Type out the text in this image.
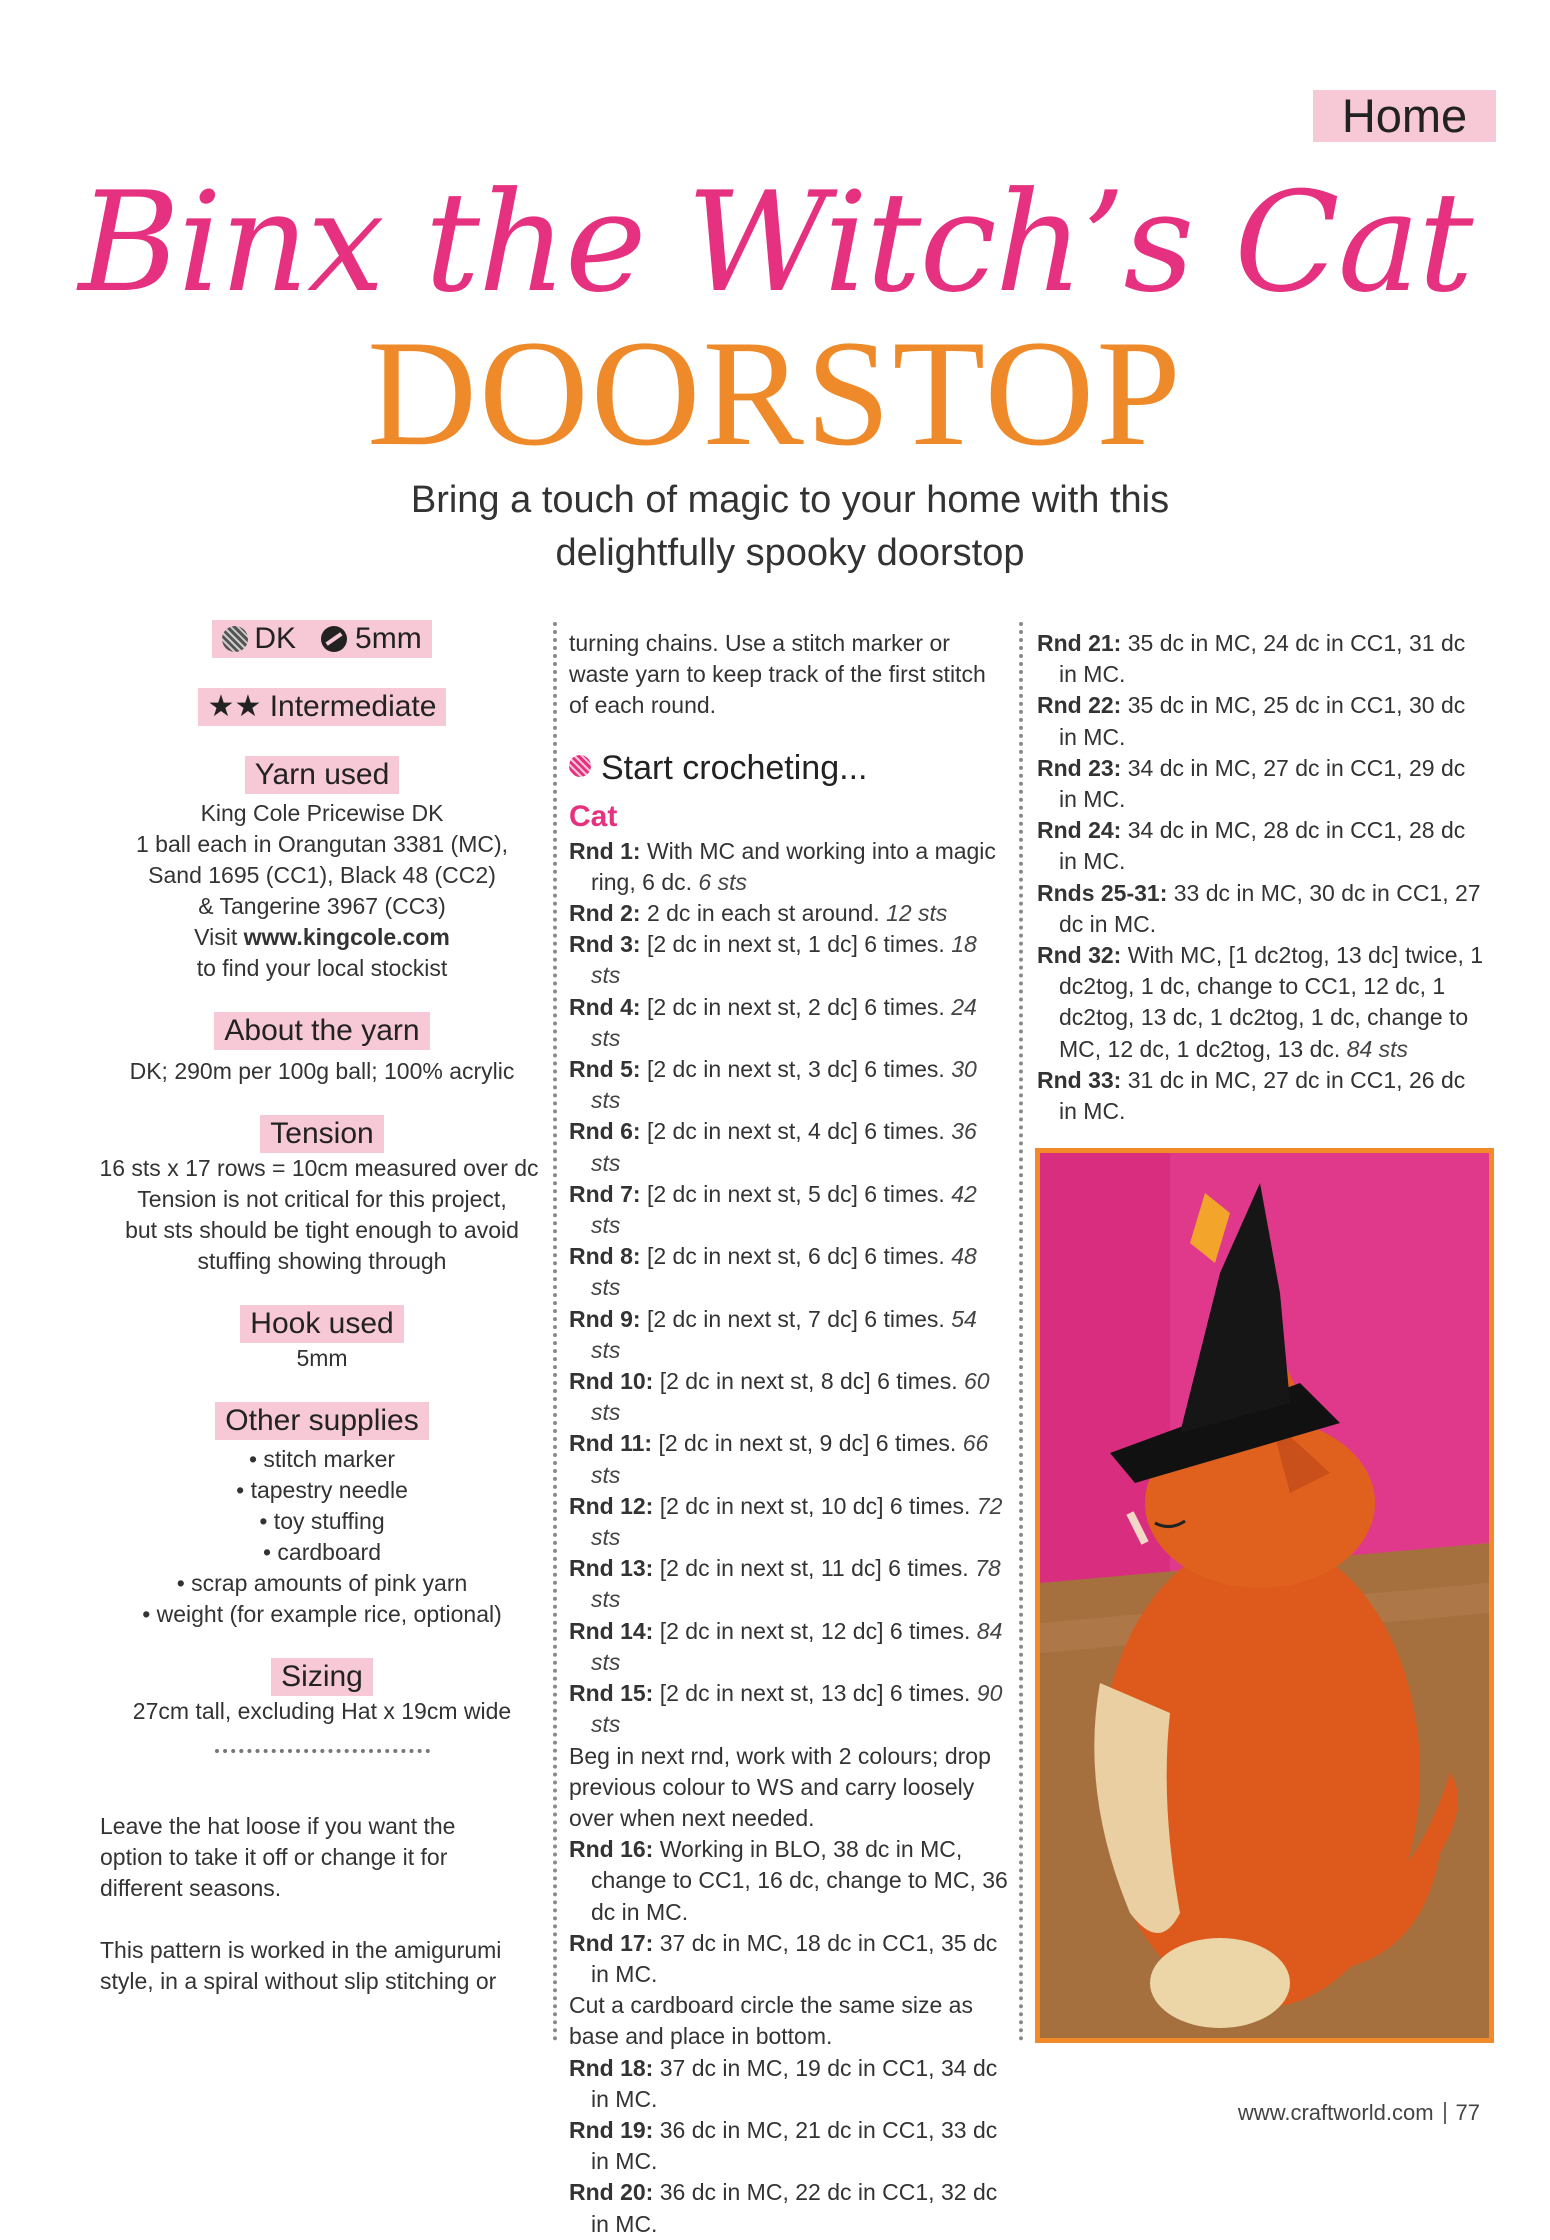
Home
Binx the Witch’s Cat
DOORSTOP
Bring a touch of magic to your home with this
delightfully spooky doorstop
DK 5mm
★★ Intermediate
Yarn used
King Cole Pricewise DK
1 ball each in Orangutan 3381 (MC),
Sand 1695 (CC1), Black 48 (CC2)
& Tangerine 3967 (CC3)
Visit www.kingcole.com
to find your local stockist
About the yarn
DK; 290m per 100g ball; 100% acrylic
Tension
16 sts x 17 rows = 10cm measured over dc
Tension is not critical for this project,
but sts should be tight enough to avoid
stuffing showing through
Hook used
5mm
Other supplies
• stitch marker
• tapestry needle
• toy stuffing
• cardboard
• scrap amounts of pink yarn
• weight (for example rice, optional)
Sizing
27cm tall, excluding Hat x 19cm wide
Leave the hat loose if you want the option to take it off or change it for different seasons.
This pattern is worked in the amigurumi style, in a spiral without slip stitching or
turning chains. Use a stitch marker or waste yarn to keep track of the first stitch of each round.
Start crocheting...
Cat
Rnd 1: With MC and working into a magic ring, 6 dc. 6 sts
Rnd 2: 2 dc in each st around. 12 sts
Rnd 3: [2 dc in next st, 1 dc] 6 times. 18 sts
Rnd 4: [2 dc in next st, 2 dc] 6 times. 24 sts
Rnd 5: [2 dc in next st, 3 dc] 6 times. 30 sts
Rnd 6: [2 dc in next st, 4 dc] 6 times. 36 sts
Rnd 7: [2 dc in next st, 5 dc] 6 times. 42 sts
Rnd 8: [2 dc in next st, 6 dc] 6 times. 48 sts
Rnd 9: [2 dc in next st, 7 dc] 6 times. 54 sts
Rnd 10: [2 dc in next st, 8 dc] 6 times. 60 sts
Rnd 11: [2 dc in next st, 9 dc] 6 times. 66 sts
Rnd 12: [2 dc in next st, 10 dc] 6 times. 72 sts
Rnd 13: [2 dc in next st, 11 dc] 6 times. 78 sts
Rnd 14: [2 dc in next st, 12 dc] 6 times. 84 sts
Rnd 15: [2 dc in next st, 13 dc] 6 times. 90 sts
Beg in next rnd, work with 2 colours; drop previous colour to WS and carry loosely over when next needed.
Rnd 16: Working in BLO, 38 dc in MC, change to CC1, 16 dc, change to MC, 36 dc in MC.
Rnd 17: 37 dc in MC, 18 dc in CC1, 35 dc in MC.
Cut a cardboard circle the same size as base and place in bottom.
Rnd 18: 37 dc in MC, 19 dc in CC1, 34 dc in MC.
Rnd 19: 36 dc in MC, 21 dc in CC1, 33 dc in MC.
Rnd 20: 36 dc in MC, 22 dc in CC1, 32 dc in MC.
Rnd 21: 35 dc in MC, 24 dc in CC1, 31 dc in MC.
Rnd 22: 35 dc in MC, 25 dc in CC1, 30 dc in MC.
Rnd 23: 34 dc in MC, 27 dc in CC1, 29 dc in MC.
Rnd 24: 34 dc in MC, 28 dc in CC1, 28 dc in MC.
Rnds 25-31: 33 dc in MC, 30 dc in CC1, 27 dc in MC.
Rnd 32: With MC, [1 dc2tog, 13 dc] twice, 1 dc2tog, 1 dc, change to CC1, 12 dc, 1 dc2tog, 13 dc, 1 dc2tog, 1 dc, change to MC, 12 dc, 1 dc2tog, 13 dc. 84 sts
Rnd 33: 31 dc in MC, 27 dc in CC1, 26 dc in MC.
www.craftworld.com 77
